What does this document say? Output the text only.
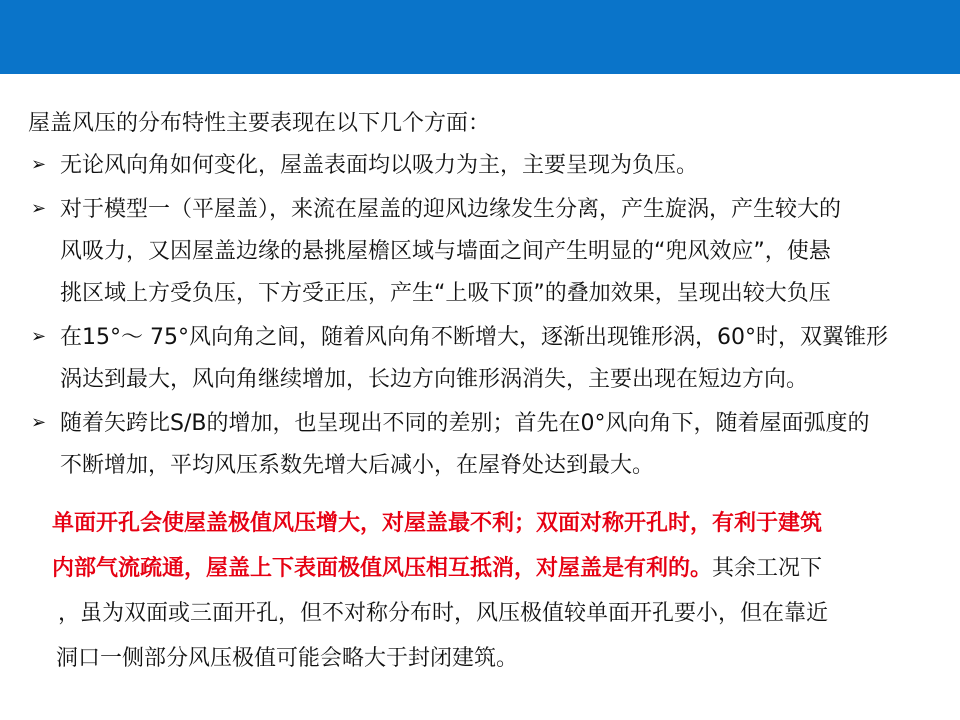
屋盖风压的分布特性主要表现在以下几个方面：
➢ 无论风向角如何变化，屋盖表面均以吸力为主，主要呈现为负压。
➢ 对于模型一（平屋盖），来流在屋盖的迎风边缘发生分离，产生旋涡，产生较大的
风吸力，又因屋盖边缘的悬挑屋檐区域与墙面之间产生明显的“兜风效应”，使悬
挑区域上方受负压，下方受正压，产生“上吸下顶”的叠加效果，呈现出较大负压
➢ 在15°～ 75°风向角之间，随着风向角不断增大，逐渐出现锥形涡，60°时，双翼锥形
涡达到最大，风向角继续增加，长边方向锥形涡消失，主要出现在短边方向。
➢ 随着矢跨比S/B的增加，也呈现出不同的差别；首先在0°风向角下，随着屋面弧度的
不断增加，平均风压系数先增大后减小，在屋脊处达到最大。
单面开孔会使屋盖极值风压增大，对屋盖最不利；双面对称开孔时，有利于建筑
内部气流疏通，屋盖上下表面极值风压相互抵消，对屋盖是有利的。其余工况下
，虽为双面或三面开孔，但不对称分布时，风压极值较单面开孔要小，但在靠近
洞口一侧部分风压极值可能会略大于封闭建筑。
